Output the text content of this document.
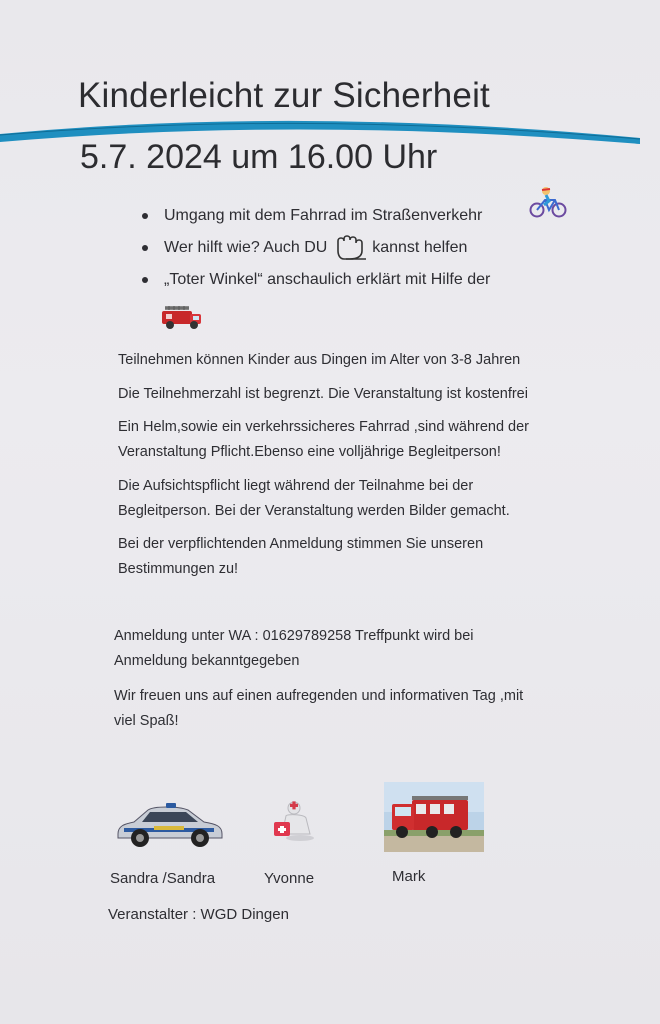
Kinderleicht zur Sicherheit
5.7. 2024 um 16.00 Uhr
Umgang mit dem Fahrrad im Straßenverkehr
Wer hilft wie? Auch DU	kannst helfen
„Toter Winkel“ anschaulich erklärt mit Hilfe der

Teilnehmen können Kinder aus Dingen im Alter von 3-8 Jahren

Die Teilnehmerzahl ist begrenzt. Die Veranstaltung ist kostenfrei

Ein Helm,sowie ein verkehrssicheres Fahrrad ,sind während der

Veranstaltung Pflicht.Ebenso eine volljährige Begleitperson!

Die Aufsichtspflicht liegt während der Teilnahme bei der

Begleitperson. Bei der Veranstaltung werden Bilder gemacht.

Bei der verpflichtenden Anmeldung stimmen Sie unseren

Bestimmungen zu!

Anmeldung unter WA : 01629789258 Treffpunkt wird bei

Anmeldung bekanntgegeben

Wir freuen uns auf einen aufregenden und informativen Tag ,mit

viel Spaß!

Sandra /Sandra	Yvonne	Mark
Veranstalter : WGD Dingen
